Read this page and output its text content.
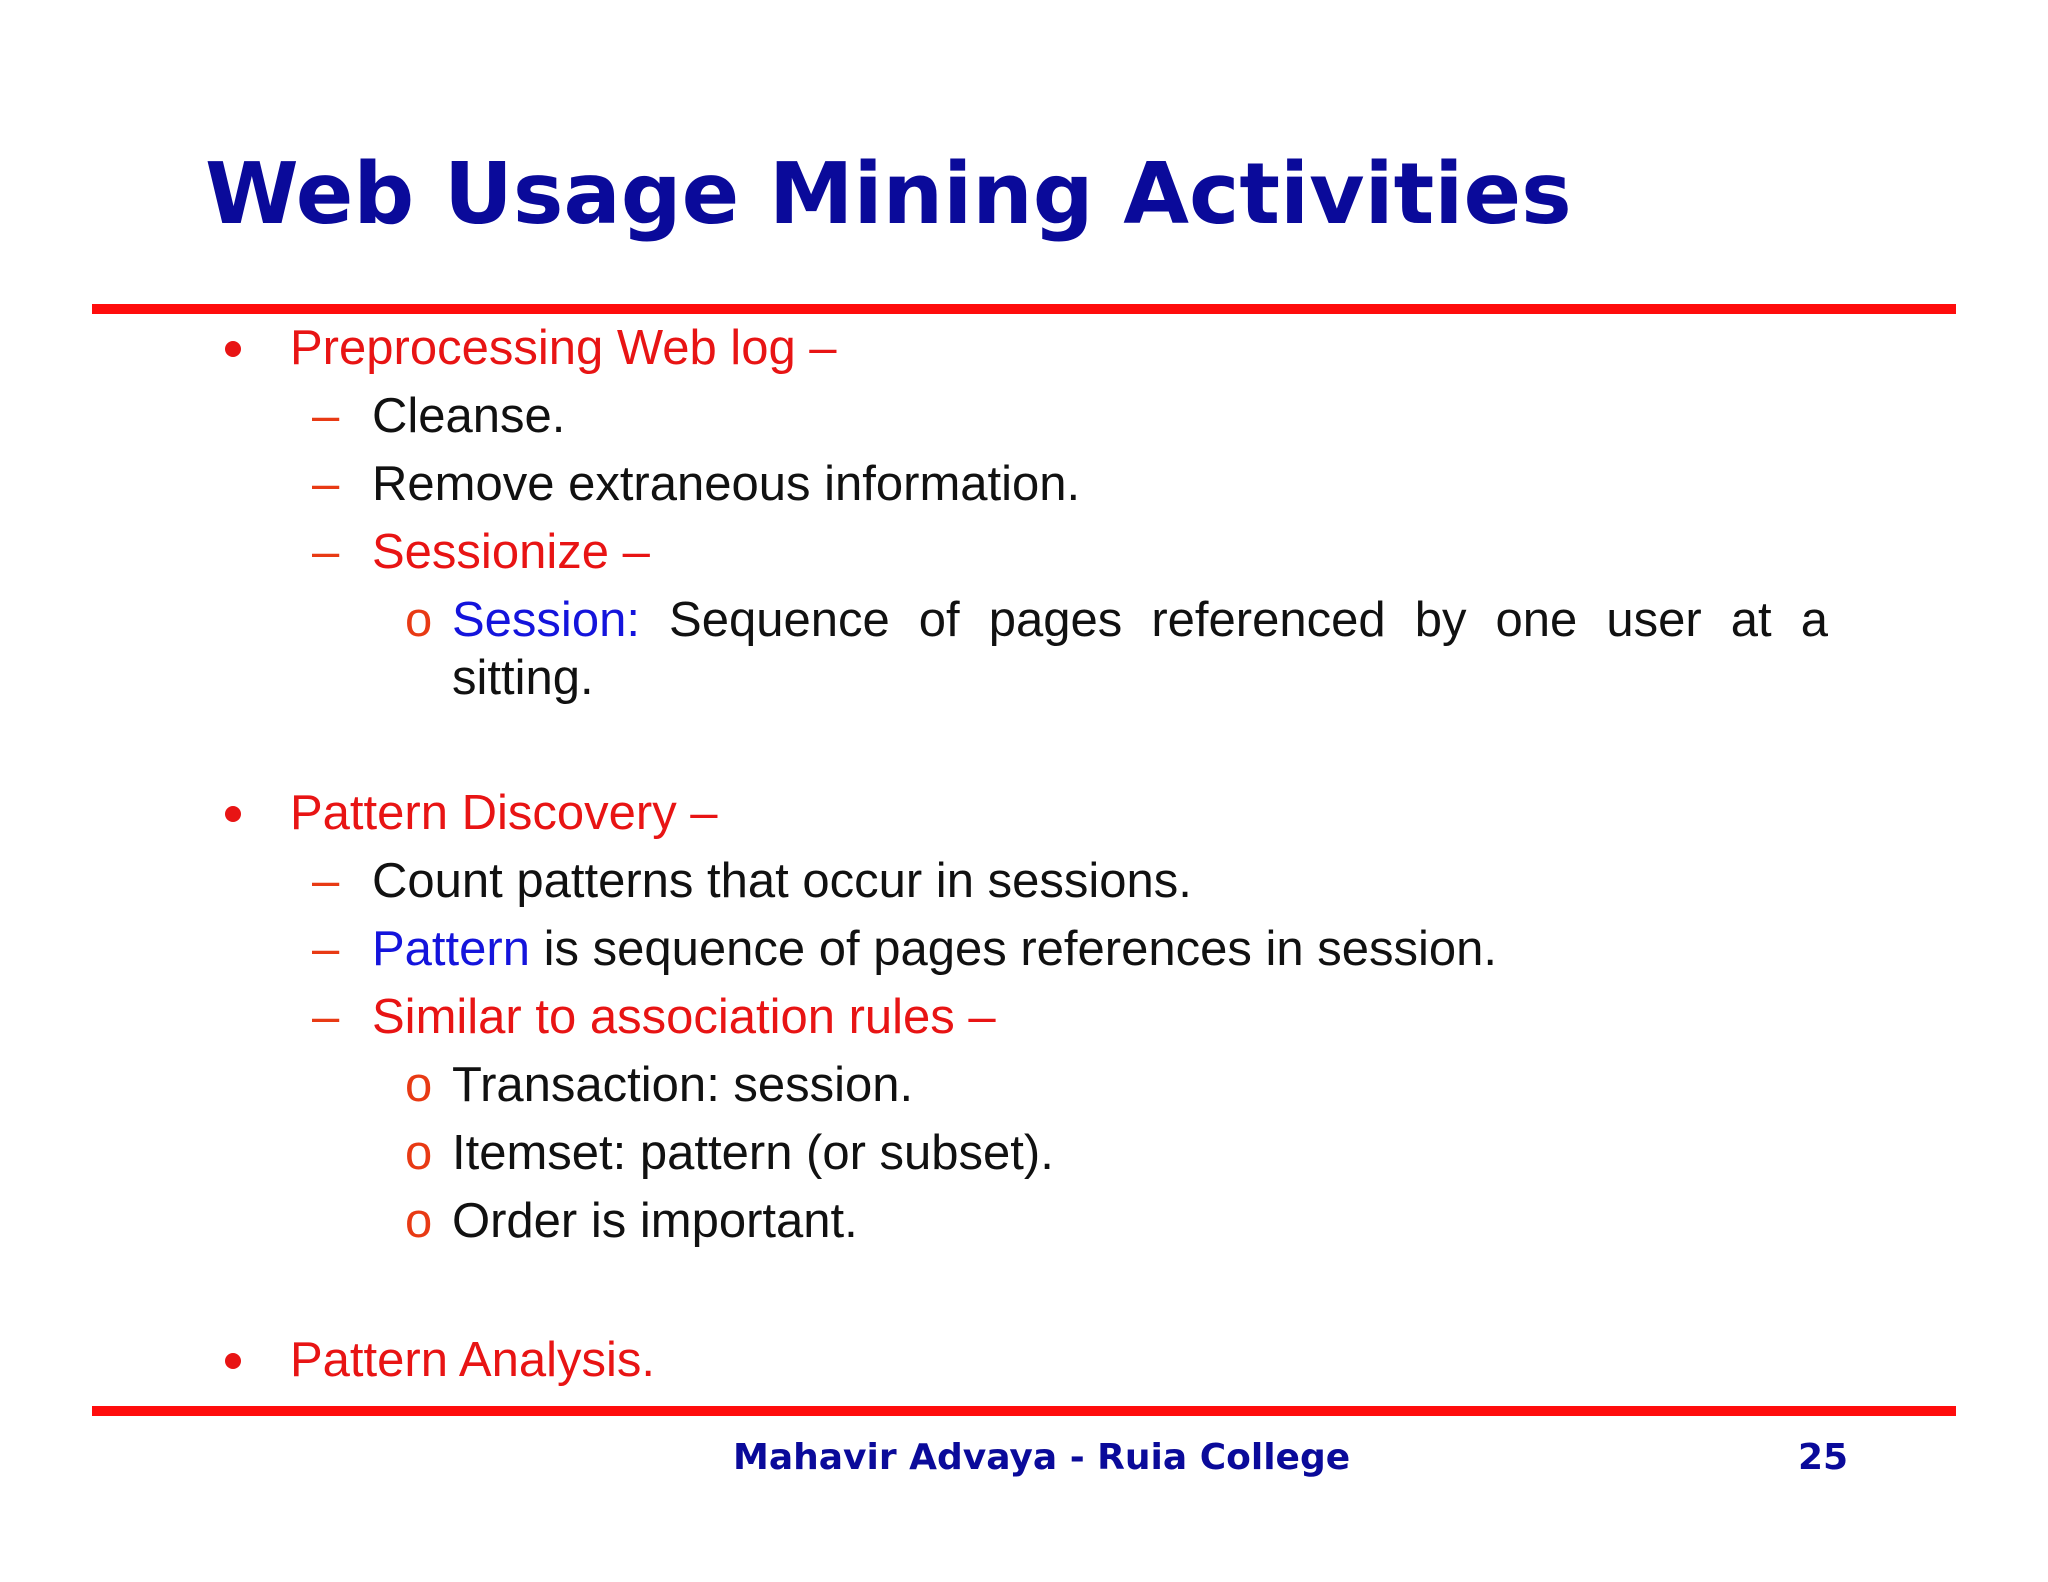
Web Usage Mining Activities
Preprocessing Web log –
– Cleanse.
– Remove extraneous information.
– Sessionize –
o Session: Sequence of pages referenced by one user at a
sitting.
Pattern Discovery –
– Count patterns that occur in sessions.
– Pattern is sequence of pages references in session.
– Similar to association rules –
o Transaction: session.
o Itemset: pattern (or subset).
o Order is important.
Pattern Analysis.
Mahavir Advaya - Ruia College	25
